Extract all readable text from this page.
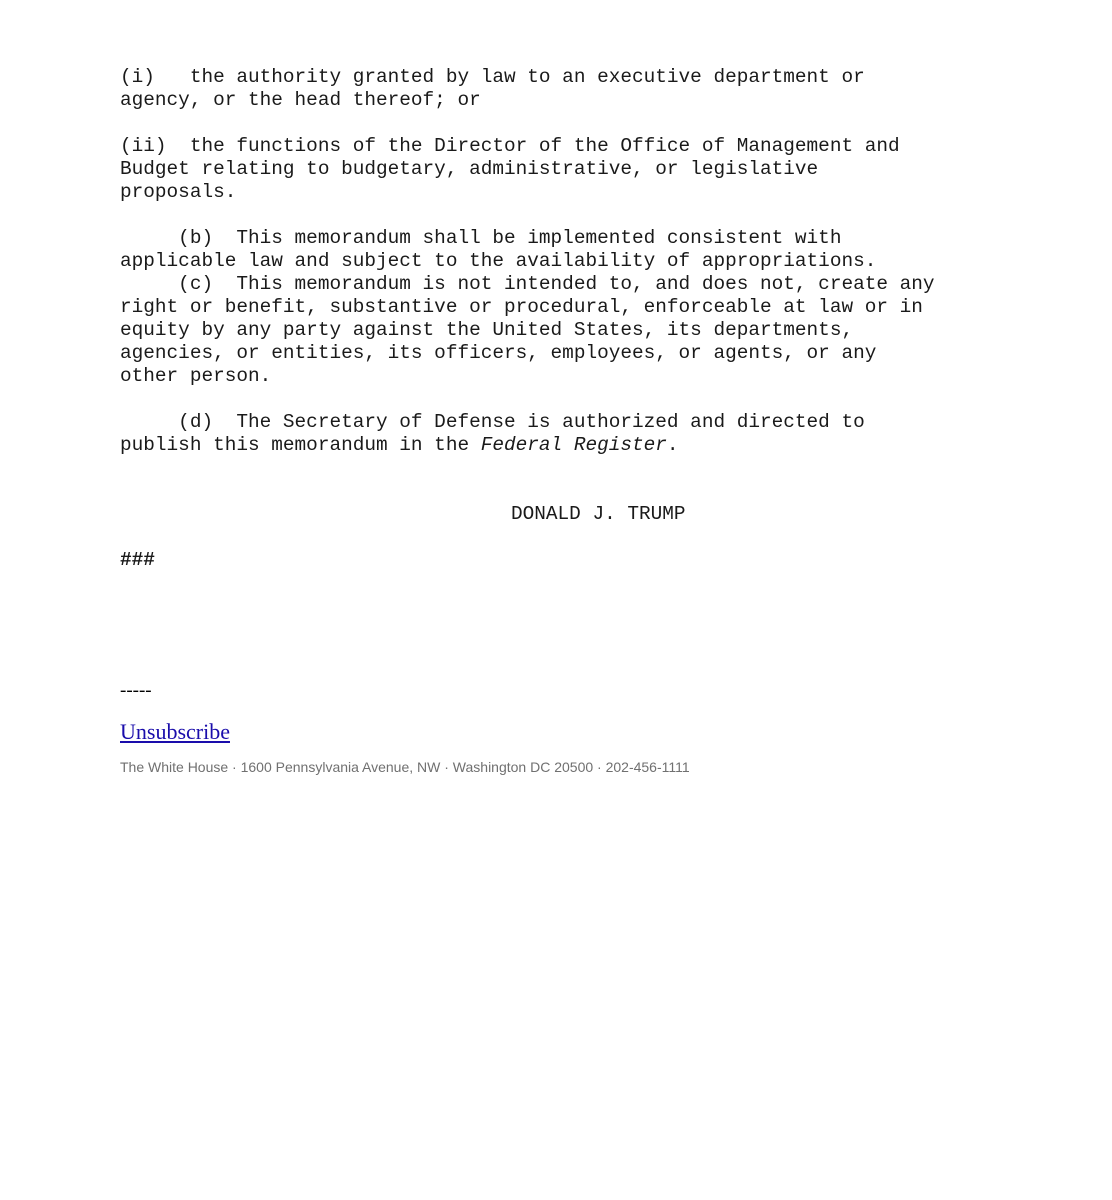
(i)   the authority granted by law to an executive department or
agency, or the head thereof; or
(ii)  the functions of the Director of the Office of Management and
Budget relating to budgetary, administrative, or legislative
proposals.
(b)  This memorandum shall be implemented consistent with
applicable law and subject to the availability of appropriations.
(c)  This memorandum is not intended to, and does not, create any
right or benefit, substantive or procedural, enforceable at law or in
equity by any party against the United States, its departments,
agencies, or entities, its officers, employees, or agents, or any
other person.
(d)  The Secretary of Defense is authorized and directed to
publish this memorandum in the Federal Register.
DONALD J. TRUMP
###
-----
Unsubscribe
The White House · 1600 Pennsylvania Avenue, NW · Washington DC 20500 · 202-456-1111
